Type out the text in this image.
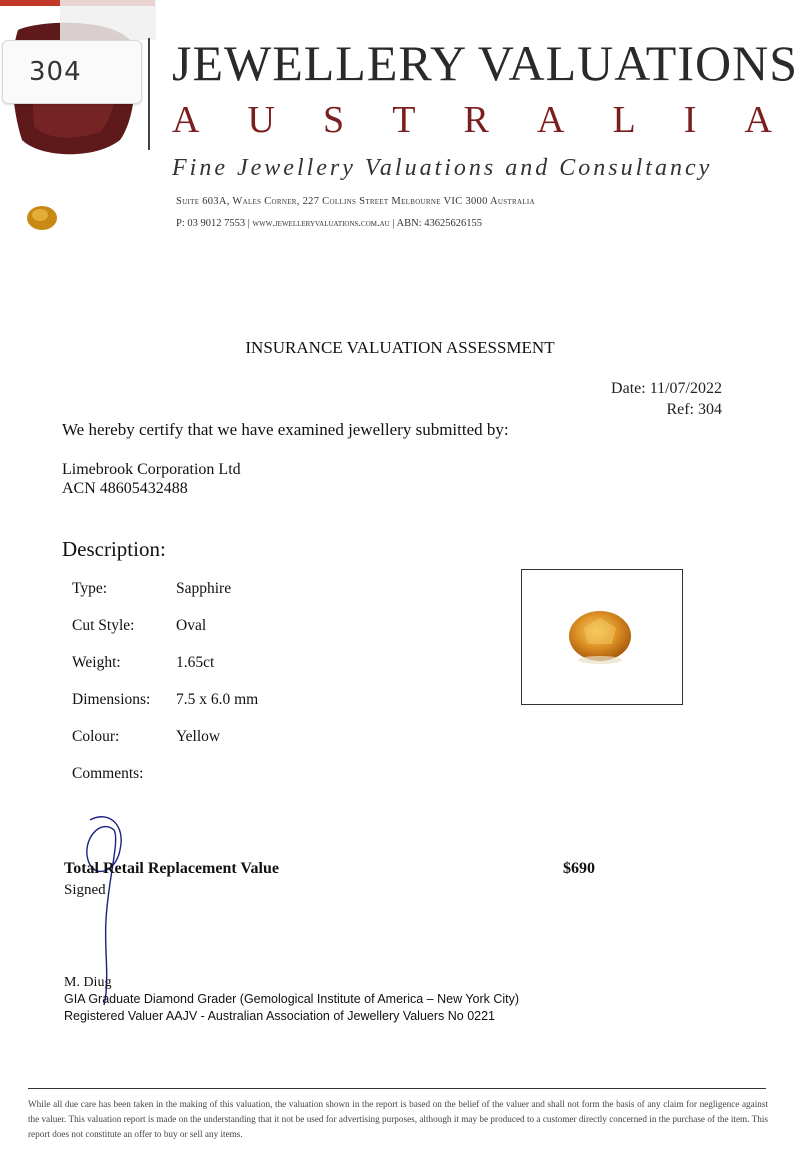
304 JEWELLERY VALUATIONS
A U S T R A L I A
Fine Jewellery Valuations and Consultancy
Suite 603A, Wales Corner, 227 Collins Street Melbourne VIC 3000 Australia
P: 03 9012 7553 | www.jewelleryvaluations.com.au | ABN: 43625626155
INSURANCE VALUATION ASSESSMENT
Date: 11/07/2022
Ref: 304
We hereby certify that we have examined jewellery submitted by:
Limebrook Corporation Ltd
ACN 48605432488
Description:
Type:	Sapphire
Cut Style:	Oval
Weight:	1.65ct
Dimensions:	7.5 x 6.0 mm
Colour:	Yellow
Comments:
Total Retail Replacement Value	$690
Signed
M. Diug
GIA Graduate Diamond Grader (Gemological Institute of America – New York City)
Registered Valuer AAJV - Australian Association of Jewellery Valuers No 0221
While all due care has been taken in the making of this valuation, the valuation shown in the report is based on the belief of the valuer and shall not form the basis of any claim for negligence against the valuer. This valuation report is made on the understanding that it not be used for advertising purposes, although it may be produced to a customer directly concerned in the purchase of the item. This report does not constitute an offer to buy or sell any items.
